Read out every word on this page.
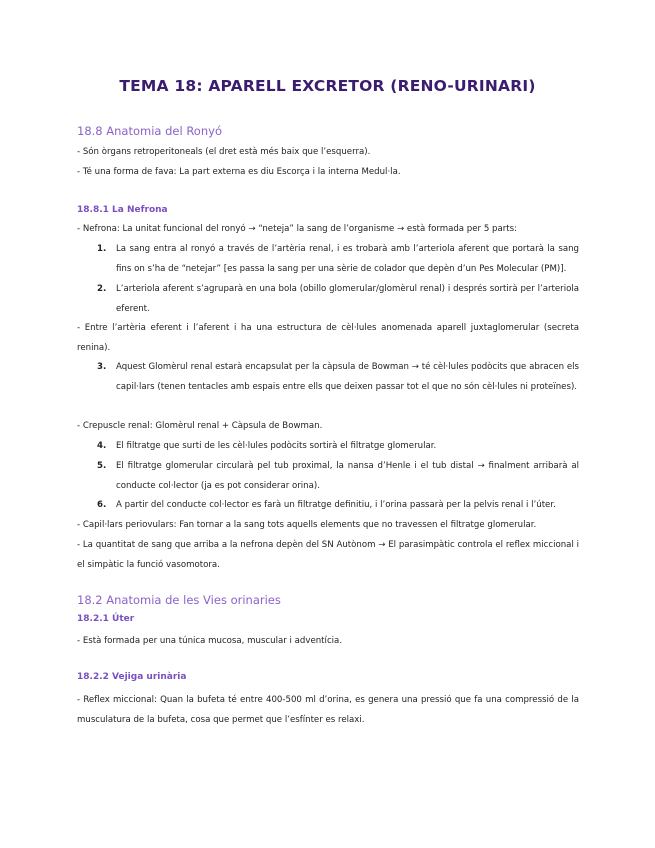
TEMA 18: APARELL EXCRETOR (RENO-URINARI)
18.8 Anatomia del Ronyó
- Són òrgans retroperitoneals (el dret està més baix que l’esquerra).
- Té una forma de fava: La part externa es diu Escorça i la interna Medul·la.
18.8.1 La Nefrona
- Nefrona: La unitat funcional del ronyó → “neteja” la sang de l’organisme → està formada per 5 parts:
1. La sang entra al ronyó a través de l’artèria renal, i es trobarà amb l’arteriola aferent que portarà la sang fins on s’ha de “netejar” [es passa la sang per una sèrie de colador que depèn d’un Pes Molecular (PM)].
2. L’arteriola aferent s’agruparà en una bola (obillo glomerular/glomèrul renal) i després sortirà per l’arteriola eferent.
- Entre l’artèria eferent i l’aferent i ha una estructura de cèl·lules anomenada aparell juxtaglomerular (secreta renina).
3. Aquest Glomèrul renal estarà encapsulat per la càpsula de Bowman → té cèl·lules podòcits que abracen els capil·lars (tenen tentacles amb espais entre ells que deixen passar tot el que no són cèl·lules ni proteïnes).
- Crepuscle renal: Glomèrul renal + Càpsula de Bowman.
4. El filtratge que surti de les cèl·lules podòcits sortirà el filtratge glomerular.
5. El filtratge glomerular circularà pel tub proximal, la nansa d’Henle i el tub distal → finalment arribarà al conducte col·lector (ja es pot considerar orina).
6. A partir del conducte col·lector es farà un filtratge definitiu, i l’orina passarà per la pelvis renal i l’úter.
- Capil·lars periovulars: Fan tornar a la sang tots aquells elements que no travessen el filtratge glomerular.
- La quantitat de sang que arriba a la nefrona depèn del SN Autònom → El parasimpàtic controla el reflex miccional i el simpàtic la funció vasomotora.
18.2 Anatomia de les Vies orinaries
18.2.1 Úter
- Està formada per una túnica mucosa, muscular i adventícia.
18.2.2 Vejiga urinària
- Reflex miccional: Quan la bufeta té entre 400-500 ml d’orina, es genera una pressió que fa una compressió de la musculatura de la bufeta, cosa que permet que l’esfínter es relaxi.
